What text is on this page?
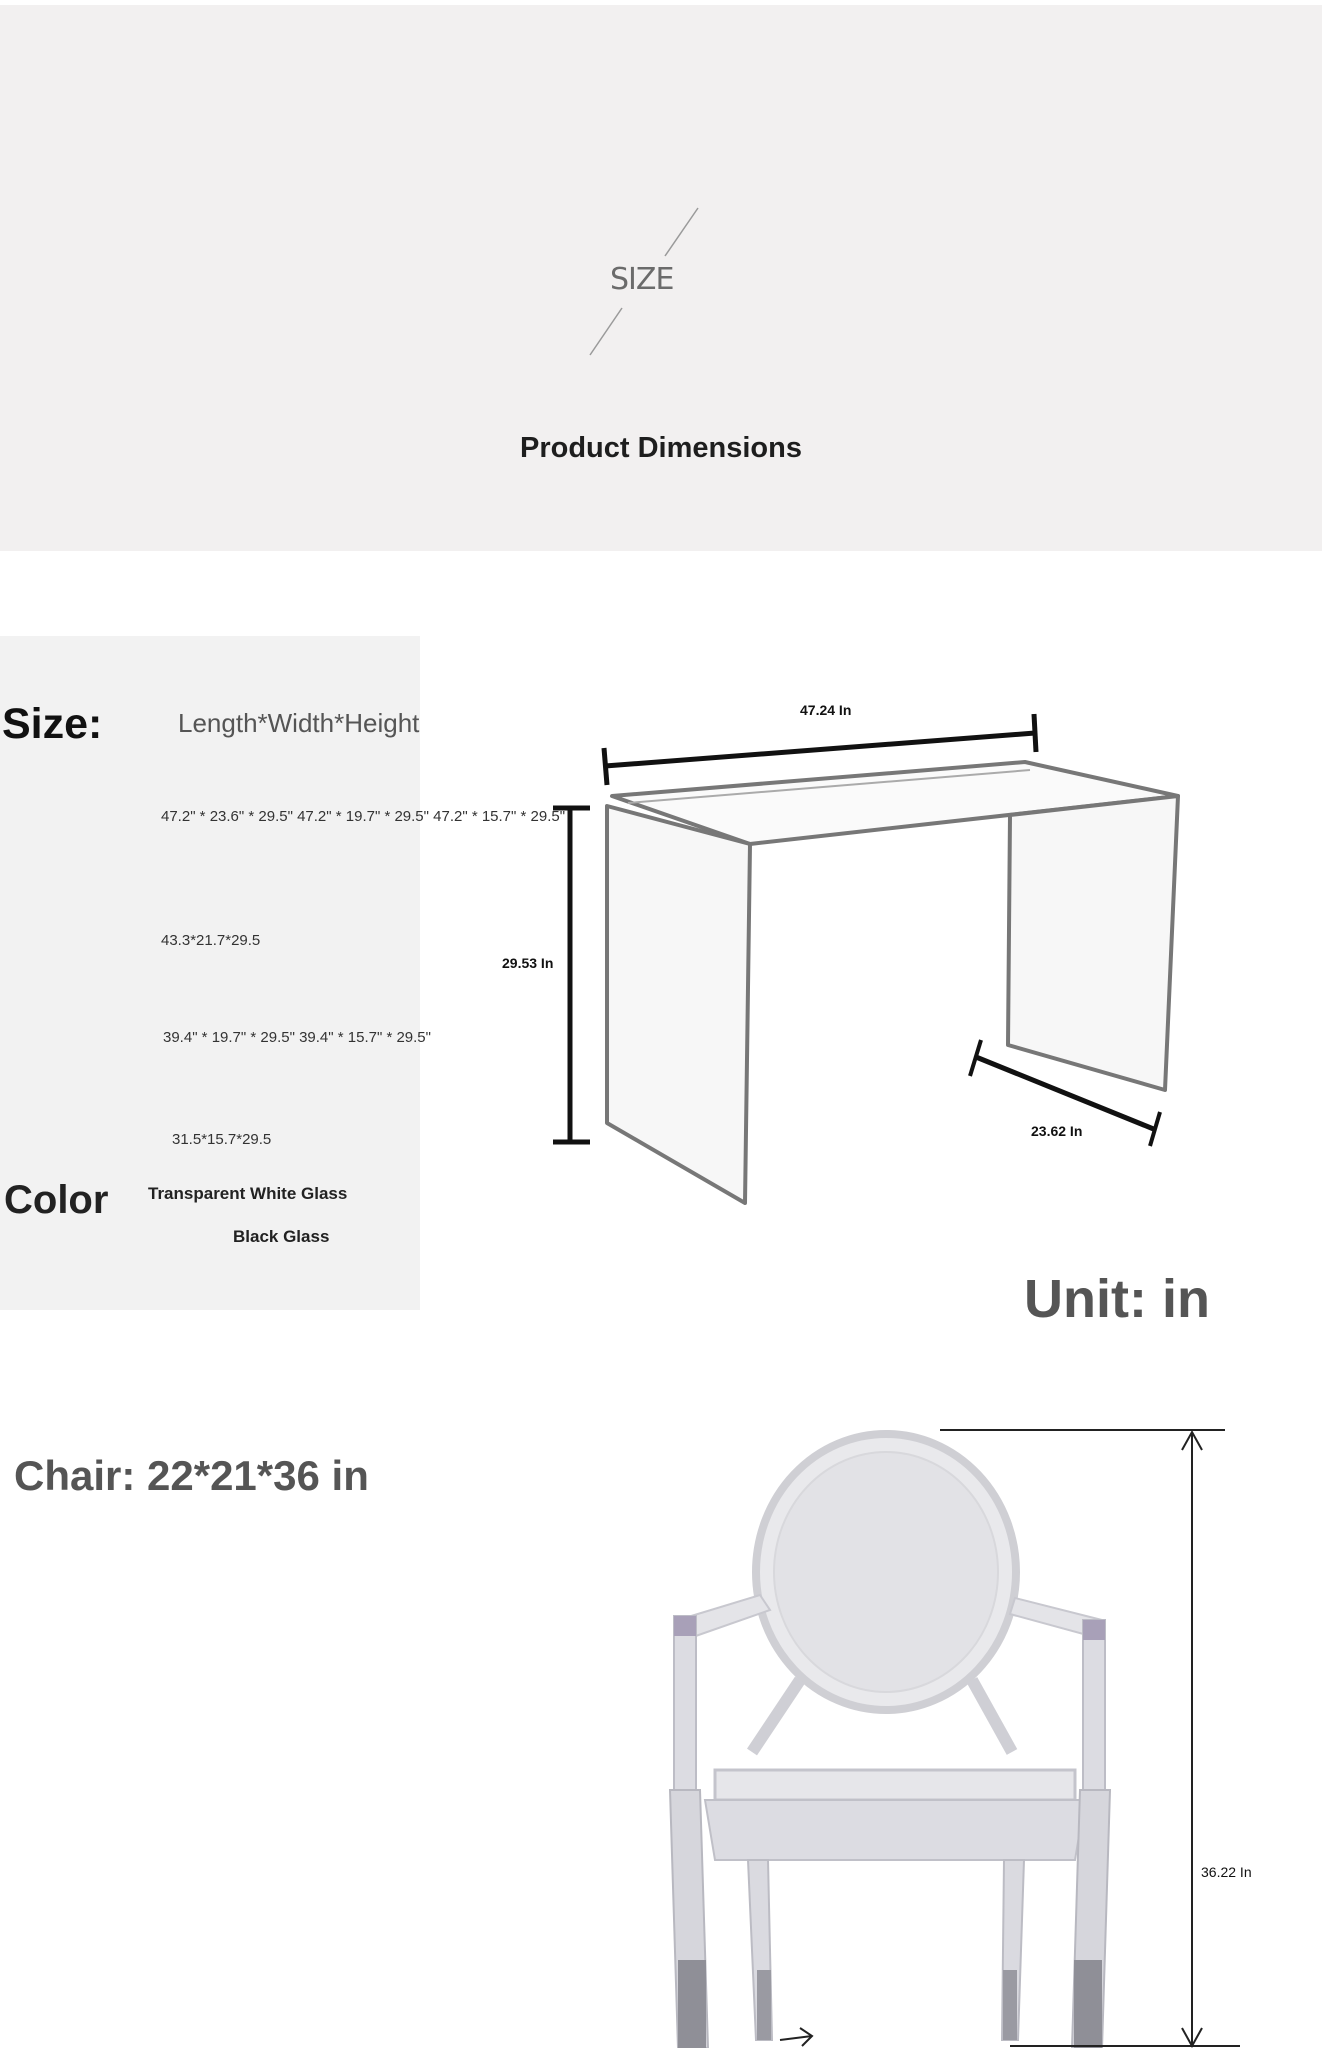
SIZE
Product Dimensions
Size:	Length*Width*Height
47.2" * 23.6" * 29.5" 47.2" * 19.7" * 29.5" 47.2" * 15.7" * 29.5"
43.3*21.7*29.5
39.4" * 19.7" * 29.5" 39.4" * 15.7" * 29.5"
31.5*15.7*29.5
Color Transparent White Glass
Black Glass
47.24 In
29.53 In
23.62 In
Unit: in
Chair: 22*21*36 in
36.22 In
